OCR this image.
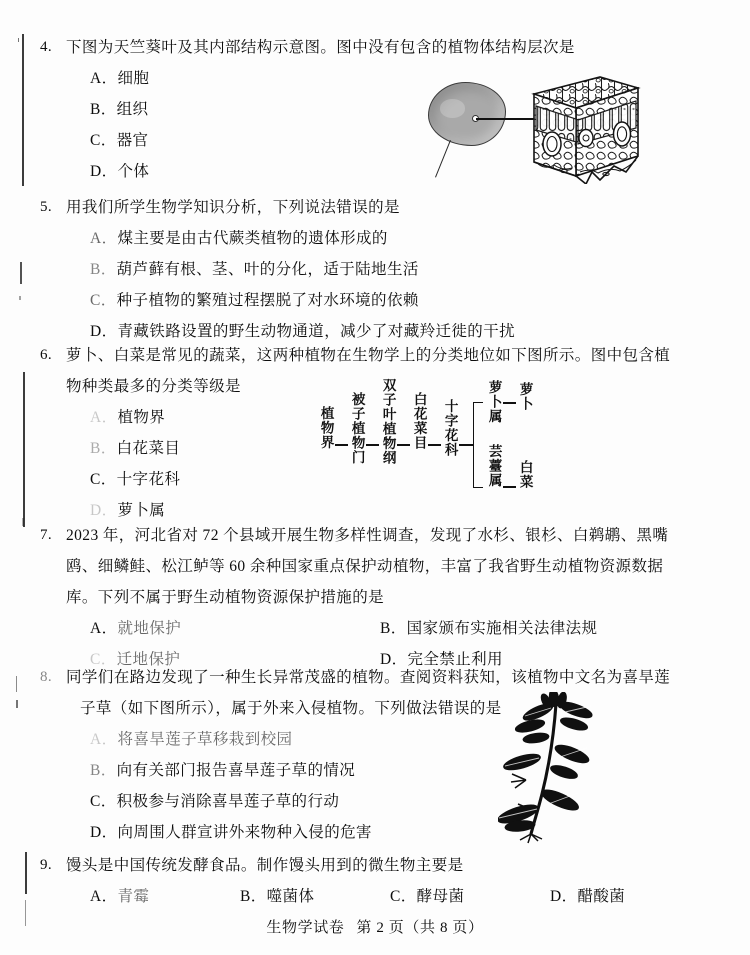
4. 下图为天竺葵叶及其内部结构示意图。图中没有包含的植物体结构层次是
A．细胞
B．组织
C．器官
D．个体
5. 用我们所学生物学知识分析，下列说法错误的是
A．煤主要是由古代蕨类植物的遗体形成的
B．葫芦藓有根、茎、叶的分化，适于陆地生活
C．种子植物的繁殖过程摆脱了对水环境的依赖
D．青藏铁路设置的野生动物通道，减少了对藏羚迁徙的干扰
6. 萝卜、白菜是常见的蔬菜，这两种植物在生物学上的分类地位如下图所示。图中包含植
物种类最多的分类等级是
A．植物界
B．白花菜目
C．十字花科
D．萝卜属
植物界 被子植物门 双子叶植物纲 白花菜目 十字花科 萝卜属 萝卜
芸薹属 白菜
7. 2023 年，河北省对 72 个县域开展生物多样性调查，发现了水杉、银杉、白鹈鹕、黑嘴
鸥、细鳞鲑、松江鲈等 60 余种国家重点保护动植物，丰富了我省野生动植物资源数据
库。下列不属于野生动植物资源保护措施的是
A．就地保护	B．国家颁布实施相关法律法规
C．迁地保护	D．完全禁止利用
8. 同学们在路边发现了一种生长异常茂盛的植物。查阅资料获知，该植物中文名为喜旱莲
子草（如下图所示），属于外来入侵植物。下列做法错误的是
A．将喜旱莲子草移栽到校园
B．向有关部门报告喜旱莲子草的情况
C．积极参与消除喜旱莲子草的行动
D．向周围人群宣讲外来物种入侵的危害
9. 馒头是中国传统发酵食品。制作馒头用到的微生物主要是
A．青霉	B．噬菌体	C．酵母菌	D．醋酸菌
生物学试卷 第 2 页（共 8 页）
